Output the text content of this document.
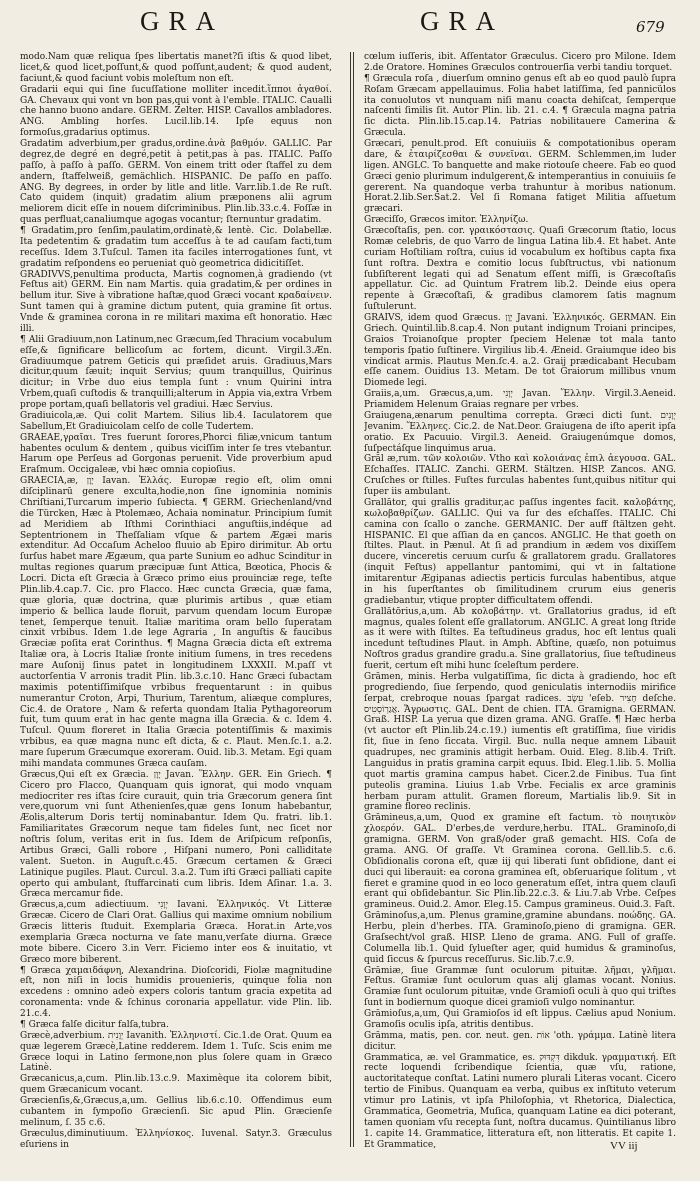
GRA	GRA	679

modo.Nam quæ reliqua ſpes libertatis manet?ſi iſtis & quod libet, licet,& quod licet,poſſunt,& quod poſſunt,audent; & quod audent, faciunt,& quod faciunt vobis moleſtum non eſt.

Gradarii equi qui ſine ſucuſſatione molliter incedit.ἵπποι ἀγαθοί. GA. Chevaux qui vont vn bon pas,qui vont à l'emble. ITALIC. Caualli che hanno buono andare. GERM. Zelter. HISP. Cavallos ambladores. ANG. Ambling horſes. Lucil.lib.14. Ipſe equus non formoſus,gradarius optimus.

Gradatim adverbium,per gradus,ordine.ἀνὰ βαθμόν. GALLIC. Par degrez,de degré en degré,petit à petit,pas à pas. ITALIC. Paſſo paſſo, à paſſo à paſſo. GERM. Von einem tritt oder ſtaffel zu dem andern, ſtaffelweiß, gemächlich. HISPANIC. De paſſo en paſſo. ANG. By degrees, in order by litle and litle. Varr.lib.1.de Re ruſt. Cato quidem (inquit) gradatim alium præponens alii agrum meliorem dicit eſſe in nouem diſcriminibus. Plin.lib.33.c.4. Foſſæ in quas perfluat,canaliumque agogas vocantur; ſternuntur gradatim.

¶ Gradatim,pro ſenſim,paulatim,ordinatè,& lentè. Cic. Dolabellæ. Ita pedetentim & gradatim tum acceſſus à te ad cauſam facti,tum receſſus. Idem 3.Tuſcul. Tamen ita faciles interrogationes ſunt, vt gradatim reſpondens eo perueniat quò geometrica didicitiſſet.

GRADIVVS,penultima producta, Martis cognomen,à gradiendo (vt Feſtus ait) GERM. Ein nam Martis. quia gradatim,& per ordines in bellum itur. Sive à vibratione haſtæ,quod Græci vocant κραδαίνειν. Sunt tamen qui à gramine dictum putent, quia gramine ſit ortus. Vnde & graminea corona in re militari maxima eſt honoratio. Hæc illi.

¶ Alii Gradiuum,non Latinum,nec Græcum,ſed Thracium vocabulum eſſe,& ſignificare bellicoſum ac fortem, dicunt. Virgil.3.Æn. Gradiuumque patrem Geticis qui præſidet aruis. Gradiuus,Mars dicitur,quum ſæuit; inquit Servius; quum tranquillus, Quirinus dicitur; in Vrbe duo eius templa ſunt : vnum Quirini intra Vrbem,quaſi cuſtodis & tranquilli;alterum in Appia via,extra Vrbem prope portam,quaſi bellatoris vel gradiui. Hæc Servius.

Gradiuicola,æ. Qui colit Martem. Silius lib.4. Iaculatorem que Sabellum,Et Gradiuicolam celſo de colle Tudertem.

GRAEAE,γραῖαι. Tres fuerunt ſorores,Phorci filiæ,vnicum tantum habentes oculum & dentem , quibus viciſſim inter ſe tres vtebantur. Harum ope Perſeus ad Gorgonas peruenit. Vide proverbium apud Eraſmum. Occigaleæ, vbi hæc omnia copioſius.

GRAECIA,æ, יָוָן Iavan. Ἑλλάς. Europæ regio eſt, olim omni diſciplinarū genere exculta,hodie,non ſine ignominia nominis Chriſtiani,Turcarum imperio ſubiecta. ¶ GERM. Griechenland/vnd die Türcken, Hæc à Ptolemæo, Achaia nominatur. Principium ſumit ad Meridiem ab Iſthmi Corinthiaci anguſtiis,indéque ad Septentrionem in Theſſaliam vſque & partem Ægæi maris extenditur. Ad Occaſum Acheloo fluuio ab Epiro dirimitur. Ab ortu ſurſus habet mare Ægæum, qua parte Sunium eo adhuc Scinditur in multas regiones quarum præcipuæ ſunt Attica, Bœotica, Phocis & Locri. Dicta eſt Græcia à Græco primo eius prouinciæ rege, teſte Plin.lib.4.cap.7. Cic. pro Flacco. Hæc cuncta Græcia, quæ fama, quæ gloria, quæ doctrina, quæ plurimis artibus , quæ etiam imperio & bellica laude floruit, parvum quendam locum Europæ tenet, ſemperque tenuit. Italiæ maritima oram bello ſuperatam cinxit vrbibus. Idem 1.de lege Agraria , In anguſtis & faucibus Græciæ poſita erat Corinthus. ¶ Magna Græcia dicta eſt extrema Italiæ ora, à Locris Italiæ ſronte initium ſumens, in tres recedens mare Auſonij ſinus patet in longitudinem LXXXII. M.paſſ vt auctorſentia V arronis tradit Plin. lib.3.c.10. Hanc Græci ſubactam maximis potentiſſimiſque vrbibus frequentarunt : in quibus numerantur Croton, Arpi, Thurium, Tarentum, aliæque complures, Cic.4. de Oratore , Nam & referta quondam Italia Pythagoreorum fuit, tum quum erat in hac gente magna illa Græcia. & c. Idem 4. Tuſcul. Quum floreret in Italia Græcia potentiſſimis & maximis vrbibus, ea quæ magna nunc eſt dicta, & c. Plaut. Men.ſc.1. a.2. mare ſuperum Græcumque exoreram. Ouid. lib.3. Metam. Egi quam mihi mandata communes Græca cauſam.

Græcus,Qui eſt ex Græcia. יָוָן Javan. Ἕλλην. GER. Ein Griech. ¶ Cicero pro Flacco, Quanquam quis ignorat, qui modo vnquam mediocriter res iſtas ſcire curauit, quin tria Græcorum genera ſint vere,quorum vni ſunt Athenienſes,quæ gens Ionum habebantur, Æolis,alterum Doris tertij nominabantur. Idem Qu. fratri. lib.1. Familiaritates Græcorum neque tam fideles ſunt, nec ſicet nor noſtris ſolum, veritas erit in ſus. Idem de Ariſpicum reſponſis, Artibus Græci, Galli robore , Hiſpani numero, Poni calliditate valent. Sueton. in Auguſt.c.45. Græcum certamen & Græci Latinique pugiles. Plaut. Curcul. 3.a.2. Tum iſti Græci palliati capite operto qui ambulant, ſtuffarcinati cum libris. Idem Aſinar. 1.a. 3. Græca mercamur fide.

Græcus,a,cum adiectiuum. יְוָנִי Iavani. Ἑλληνικός. Vt Litteræ Græcæ. Cicero de Clari Orat. Gallius qui maxime omnium nobilium Græcis litteris ſtuduit. Exemplaria Græca. Horat.in Arte,vos exemplaria Græca nocturna ve ſate manu,verſate diurna. Græce mote bibere. Cicero 3.in Verr. Ficiemo inter eos & inuitatio, vt Græco more biberent.

¶ Græca χαμαιδάφνη, Alexandrina. Dioſcoridi, Fiolæ magnitudine eſt, non niſi in locis humidis prouenieris, quinque folia non excedens : omnino adeò expers coloris tantum gracia expetita ad coronamenta: vnde & ſchinus coronaria appellatur. vide Plin. lib. 21.c.4.

¶ Græca falſe dicitur falſa,tubra.

Græcè,adverbium. יְוָנִית Iavanith. Ἑλληνιστί. Cic.1.de Orat. Quum ea quæ legerem Græcè,Latine redderem. Idem 1. Tuſc. Scis enim me Græce loqui in Latino ſermone,non plus ſolere quam in Græco Latinè.

Græcanicus,a,cum. Plin.lib.13.c.9. Maximèque ita colorem bibit, quem Græcanicum vocant.

Græcienſis,&,Græcus,a,um. Gellius lib.6.c.10. Offendimus eum cubantem in ſympoſio Græcienſi. Sic apud Plin. Græcienſe melinum, ſ. 35 c.6.

Græculus,diminutiuum. Ἑλληνίσκος. Iuvenal. Satyr.3. Græculus eſuriens in

cœlum iuſſeris, ibit. Aſſentator Græculus. Cicero pro Milone. Idem 2.de Oratore. Homines Græculos controuerſia verbi tandiu torquet.

¶ Græcula roſa , diuerſum omnino genus eſt ab eo quod paulò ſupra Roſam Græcam appellauimus. Folia habet latiſſima, ſed pannicülos ita conuolutos vt nunquam niſi manu coacta dehiſcat, ſemperque naſcenti ſimilis ſit. Autor Plin. lib. 21. c.4. ¶ Græcula magna patria ſic dicta. Plin.lib.15.cap.14. Patrias nobilitauere Camerina & Græcula.

Græcari, penult.prod. Eſt conuiuiis & compotationibus operam dare, & ἑταιρίζεσθαι & συνεῖναι. GERM. Schlemmen,im luder ligen. ANGLC. To banquette and make riotouſe cheere. Fab eo quod Græci genio plurimum indulgerent,& intemperantius in conuiuiis ſe gererent. Na quandoque verba trahuntur à moribus nationum. Horat.2.lib.Ser.Sat.2. Vel ſi Romana fatiget Militia aſſuetum græcari.

Græciſſo, Græcos imitor. Ἑλληνίζω.

Græcoſtaſis, pen. cor. γραικόστασις. Quaſi Græcorum ſtatio, locus Romæ celebris, de quo Varro de lingua Latina lib.4. Et habet. Ante curiam Hoſtiliam roſtra, cuius id vocabulum ex hoſtibus capta fixa ſunt roſtra. Dextra e comitio locus ſubſtructus, vbi nationum ſubſiſterent legati qui ad Senatum eſſent miſſi, is Græcoſtaſis appellatur. Cic. ad Quintum Fratrem lib.2. Deinde eius opera repente à Græcoſtaſi, & gradibus clamorem ſatis magnum ſuſtulerunt.

GRAIVS, idem quod Græcus. יָוָן Javani. Ἑλληνικός. GERMAN. Ein Griech. Quintil.lib.8.cap.4. Non putant indignum Troiani principes, Graios Troianoſque propter ſpeciem Helenæ tot mala tanto temporis ſpatio ſuſtinere. Virgilius lib.4. Æneid. Graiumque ideo bis vindicat armis. Plautus Men.ſc.4. a.2. Graij prædicabant Hecubam eſſe canem. Ouidius 13. Metam. De tot Graiorum millibus vnum Diomede legi.

Graiis,a,um. Græcus,a,um. יְוָנִי Javan. Ἕλλην. Virgil.3.Aeneid. Priamidem Helenum Graias regnare per vrbes.

Graiugena,ænarum penultima correpta. Græci dicti ſunt. יְוָנִים Jevanim. Ἕλληνες. Cic.2. de Nat.Deor. Graiugena de iſto aperit ipſa oratio. Ex Pacuuio. Virgil.3. Aeneid. Graiugenúmque domos, ſuſpectáſque linquimus arua.

Grāl æ,rum. τῶν κολοιῶν. Vtho καὶ κολοιάνας ἐπιλ ἀεγουσα. GAL. Eſchaſſes. ITALIC. Zanchi. GERM. Stältzen. HISP. Zancos. ANG. Cruſches or ſtilles. Fuſtes furculas habentes ſunt,quibus nitītur qui ſuper iis ambulant.

Grallātor, qui grallis graditur,ac paſſus ingentes facit. καλοβάτης, κωλοβαθρίζων. GALLIC. Qui va ſur des eſchaſſes. ITALIC. Chi camina con ſcallo o zanche. GERMANIC. Der auff ſtältzen geht. HISPANIC. El que aſſian da en çancos. ANGLIC. He that goeth on ſtiltes. Plaut. in Pænul. At ſi ad prandium in ædem vos dixiſſem ducere, vinceretis ceruum curſu & grallatorem gradu. Grallatores (inquit Feſtus) appellantur pantomimi, qui vt in ſaltatione imitarentur Ægipanas adiectis perticis furculas habentibus, atque in his ſuperſtantes ob ſimilitudinem crurum eius generis gradiebantur, vtique propter difficultatem offendi.

Grallātōrius,a,um. Ab κολοβάτην. vt. Grallatorius gradus, id eſt magnus, quales ſolent eſſe grallatorum. ANGLIC. A great long ſtride as it were with ſtiltes. Ea teſtudineus gradus, hoc eſt lentus quali incedunt teſtudines Plaut. in Amph. Abſtine, quæſo, non potuimus Noſtros gradus grandire gradu.a. Sine grallatorius, ſiue teſtudineus fuerit, certum eſt mihi hunc ſceleſtum perdere.

Grāmen, minis. Herba vulgatiſſima, ſic dicta à gradiendo, hoc eſt progrediendo, ſiue ſerpendo, quod geniculatis internodiis mirifice ſerpat, crebroque nouas ſpargat radices. עֵשֶׂב 'eſeb. חָצִיר deſche. אֲגַרְוֹסְטִיס. Ἄγρωστις. GAL. Dent de chien. ITA. Gramigna. GERMAN. Graß. HISP. La yerua que dizen grama. ANG. Graſſe. ¶ Hæc herba (vt auctor eſt Plin.lib.24.c.19.) iumentis eſt gratiſſima, ſiue viridis ſit, ſiue in ſeno ſiccata. Virgil. Buc. nulla neque amnem Libauit quadrupes, nec graminis attigit herbam. Ouid. Eleg. 8.lib.4. Triſt. Languidus in pratis gramina carpit equus. Ibid. Eleg.1.lib. 5. Mollia quot martis gramina campus habet. Cicer.2.de Finibus. Tua ſint puteolis gramina. Liuius 1.ab Vrbe. Fecialis ex arce graminis herbam puram attulit. Gramen floreum, Martialis lib.9. Sit in gramine floreo reclinis.

Grāmineus,a,um, Quod ex gramine eſt factum. τὸ ποιητικὸν χλοερόν. GAL. D'erbes,de verdure,herbu. ITAL. Graminoſo,di gramigna. GERM. Von graß/oder graß gemacht. HIS. Coſa de grama. ANG. Of graſſe. Vt Graminea corona. Gell.lib.5. c.6. Obſidionalis corona eſt, quæ iij qui liberati ſunt obſidione, dant ei duci qui liberauit: ea corona graminea eſt, obſeruarique ſolitum , vt fieret e gramine quod in eo loco generatum eſſet, intra quem clauſi erant qui obſidebantur. Sic Plin.lib.22.c.3. & Liu.7.ab Vrbe. Ceſpes gramineus. Ouid.2. Amor. Eleg.15. Campus gramineus. Ouid.3. Faſt.

Grāminoſus,a,um. Plenus gramine,gramine abundans. ποώδης. GA. Herbu, plein d'herbes. ITA. Graminoſo,pieno di gramigna. GER. Graſsecht/vol graß. HISP. Lleno de grama. ANG. Full of graſſe. Columella lib.1. Quid ſylueſter ager, quid humidus & graminoſus, quid ſiccus & ſpurcus receſſurus. Sic.lib.7.c.9.

Grāmiæ, ſiue Grammæ ſunt oculorum pituitæ. λῆμαι, γλῆμαι. Feſtus. Gramiæ ſunt oculorum quas alij glamas vocant. Nonius. Gramiæ ſunt oculorum pituitæ, vnde Gramioſi oculi à quo qui triſtes ſunt in bodiernum quoque dicei gramioſi vulgo nominantur.

Grāmioſus,a,um, Qui Gramioſos id eſt lippus. Cælius apud Nonium. Gramoſis oculis ipſa, atritis dentibus.

Grāmma, matis, pen. cor. neut. gen. אוֹת 'oth. γράμμα. Latinè litera dicitur.

Grammatica, æ. vel Grammatice, es. דִּקְדּוּק dikduk. γραμματική. Eſt recte loquendi ſcribendique ſcientia, quæ vſu, ratione, auctoritateque conſtat. Latini numero plurali Literas vocant. Cicero tertio de Finibus. Quanquam ea verba, quibus ex inſtituto veterum vtimur pro Latinis, vt ipſa Philoſophia, vt Rhetorica, Dialectica, Grammatica, Geometria, Muſica, quanquam Latine ea dici poterant, tamen quoniam vſu recepta ſunt, noſtra ducamus. Quintilianus libro 1. capite 14. Grammatice, litteratura eſt, non litteratis. Et capite 1. Et Grammatice,	VV iij
